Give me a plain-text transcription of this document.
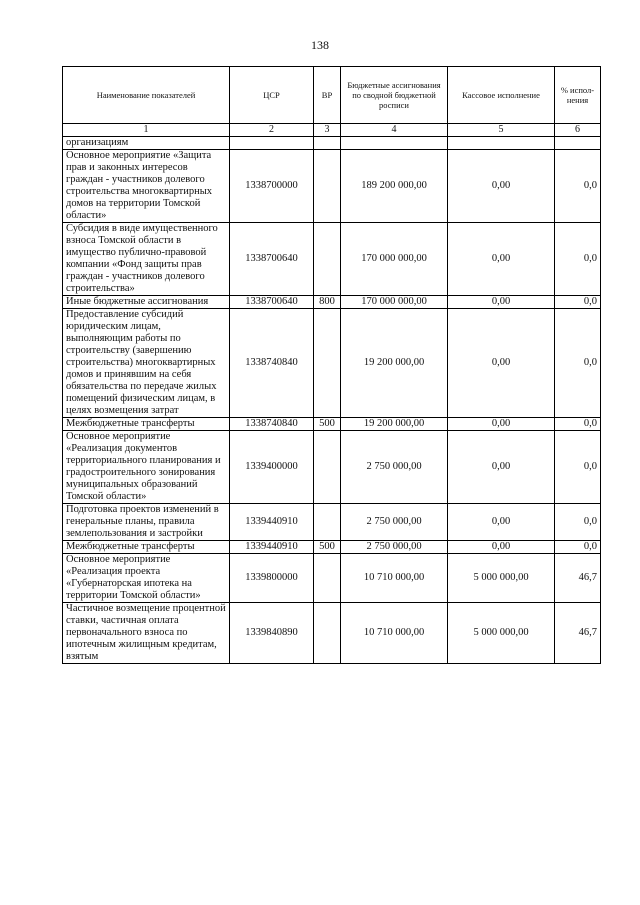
138
Наименование показателей	ЦСР	ВР	Бюджетные ассигнования по сводной бюджетной росписи	Кассовое исполнение	% испол-нения
1	2	3	4	5	6
организациям					
Основное мероприятие «Защита прав и законных интересов граждан - участников долевого строительства многоквартирных домов на территории Томской области»	1338700000		189 200 000,00	0,00	0,0
Субсидия в виде имущественного взноса Томской области в имущество публично-правовой компании «Фонд защиты прав граждан - участников долевого строительства»	1338700640		170 000 000,00	0,00	0,0
Иные бюджетные ассигнования	1338700640	800	170 000 000,00	0,00	0,0
Предоставление субсидий юридическим лицам, выполняющим работы по строительству (завершению строительства) многоквартирных домов и принявшим на себя обязательства по передаче жилых помещений физическим лицам, в целях возмещения затрат	1338740840		19 200 000,00	0,00	0,0
Межбюджетные трансферты	1338740840	500	19 200 000,00	0,00	0,0
Основное мероприятие «Реализация документов территориального планирования и градостроительного зонирования муниципальных образований Томской области»	1339400000		2 750 000,00	0,00	0,0
Подготовка проектов изменений в генеральные планы, правила землепользования и застройки	1339440910		2 750 000,00	0,00	0,0
Межбюджетные трансферты	1339440910	500	2 750 000,00	0,00	0,0
Основное мероприятие «Реализация проекта «Губернаторская ипотека на территории Томской области»	1339800000		10 710 000,00	5 000 000,00	46,7
Частичное возмещение процентной ставки, частичная оплата первоначального взноса по ипотечным жилищным кредитам, взятым	1339840890		10 710 000,00	5 000 000,00	46,7
